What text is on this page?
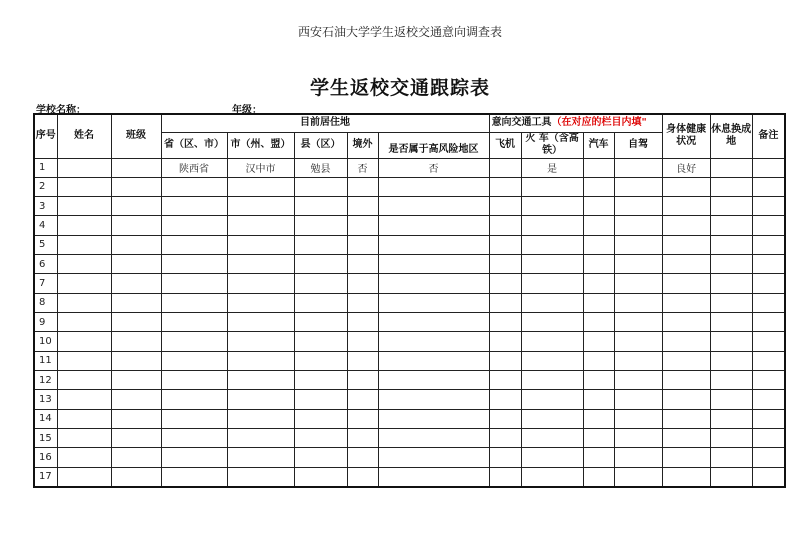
西安石油大学学生返校交通意向调查表
学生返校交通跟踪表
学校名称：	年级：
序号	姓名	班级	目前居住地					意向交通工具（在对应的栏目内填"				身体健康状况	休息换成地	备注
			省（区、市）	市（州、盟）	县（区）	境外	是否属于高风险地区	飞机	火 车（含高铁）	汽车	自驾			
1			陕西省	汉中市	勉县	否	否		是			良好		
2														
3														
4														
5														
6														
7														
8														
9														
10														
11														
12														
13														
14														
15														
16														
17														
